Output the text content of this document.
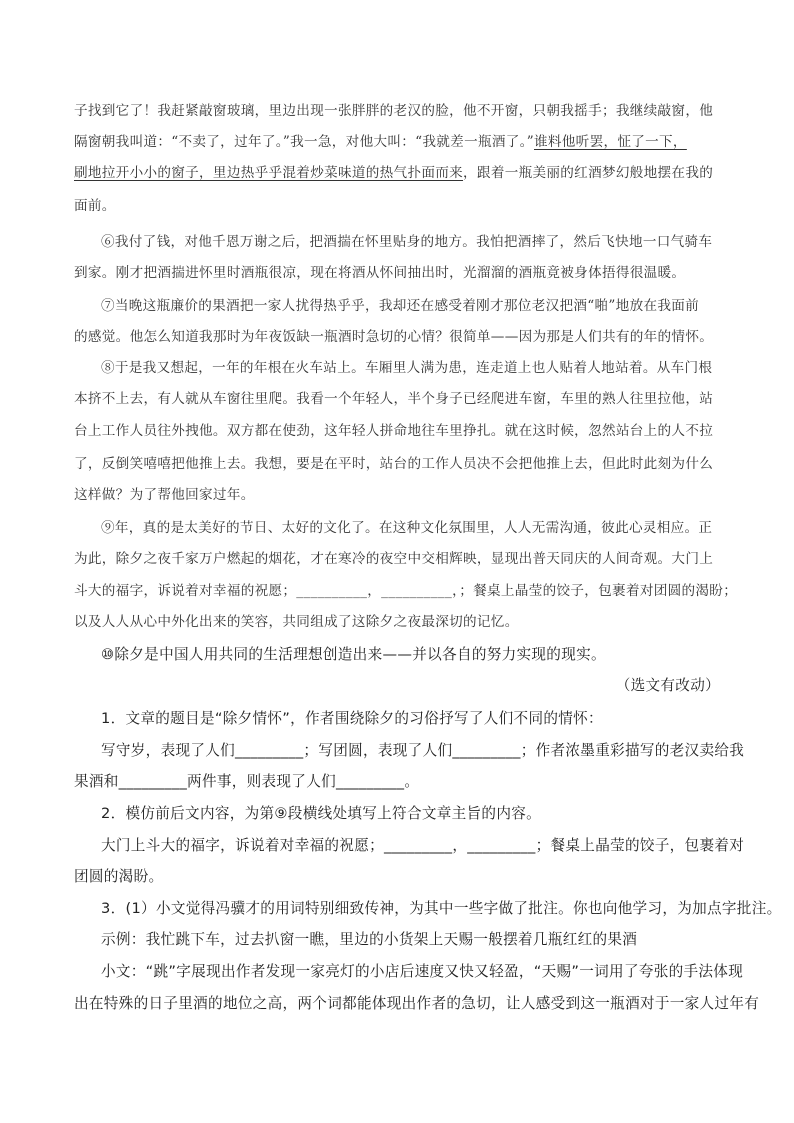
子找到它了！我赶紧敲窗玻璃，里边出现一张胖胖的老汉的脸，他不开窗，只朝我摇手；我继续敲窗，他
隔窗朝我叫道：“不卖了，过年了。”我一急，对他大叫：“我就差一瓶酒了。”谁料他听罢，怔了一下，
刷地拉开小小的窗子，里边热乎乎混着炒菜味道的热气扑面而来，跟着一瓶美丽的红酒梦幻般地摆在我的
面前。
⑥我付了钱，对他千恩万谢之后，把酒揣在怀里贴身的地方。我怕把酒摔了，然后飞快地一口气骑车
到家。刚才把酒揣进怀里时酒瓶很凉，现在将酒从怀间抽出时，光溜溜的酒瓶竟被身体捂得很温暖。
⑦当晚这瓶廉价的果酒把一家人扰得热乎乎，我却还在感受着刚才那位老汉把酒“啪”地放在我面前
的感觉。他怎么知道我那时为年夜饭缺一瓶酒时急切的心情？很简单——因为那是人们共有的年的情怀。
⑧于是我又想起，一年的年根在火车站上。车厢里人满为患，连走道上也人贴着人地站着。从车门根
本挤不上去，有人就从车窗往里爬。我看一个年轻人，半个身子已经爬进车窗，车里的熟人往里拉他，站
台上工作人员往外拽他。双方都在使劲，这年轻人拼命地往车里挣扎。就在这时候，忽然站台上的人不拉
了，反倒笑嘻嘻把他推上去。我想，要是在平时，站台的工作人员决不会把他推上去，但此时此刻为什么
这样做？为了帮他回家过年。
⑨年，真的是太美好的节日、太好的文化了。在这种文化氛围里，人人无需沟通，彼此心灵相应。正
为此，除夕之夜千家万户燃起的烟花，才在寒冷的夜空中交相辉映，显现出普天同庆的人间奇观。大门上
斗大的福字，诉说着对幸福的祝愿；__________，__________，；餐桌上晶莹的饺子，包裹着对团圆的渴盼；
以及人人从心中外化出来的笑容，共同组成了这除夕之夜最深切的记忆。
⑩除夕是中国人用共同的生活理想创造出来——并以各自的努力实现的现实。
（选文有改动）
1．文章的题目是“除夕情怀”，作者围绕除夕的习俗抒写了人们不同的情怀：
写守岁，表现了人们_________；写团圆，表现了人们_________；作者浓墨重彩描写的老汉卖给我
果酒和_________两件事，则表现了人们_________。
2．模仿前后文内容，为第⑨段横线处填写上符合文章主旨的内容。
大门上斗大的福字，诉说着对幸福的祝愿；_________，_________；餐桌上晶莹的饺子，包裹着对
团圆的渴盼。
3．(1）小文觉得冯骥才的用词特别细致传神，为其中一些字做了批注。你也向他学习，为加点字批注。
示例：我忙跳下车，过去扒窗一瞧，里边的小货架上天赐一般摆着几瓶红红的果酒
小文：“跳”字展现出作者发现一家亮灯的小店后速度又快又轻盈，“天赐”一词用了夸张的手法体现
出在特殊的日子里酒的地位之高，两个词都能体现出作者的急切，让人感受到这一瓶酒对于一家人过年有
